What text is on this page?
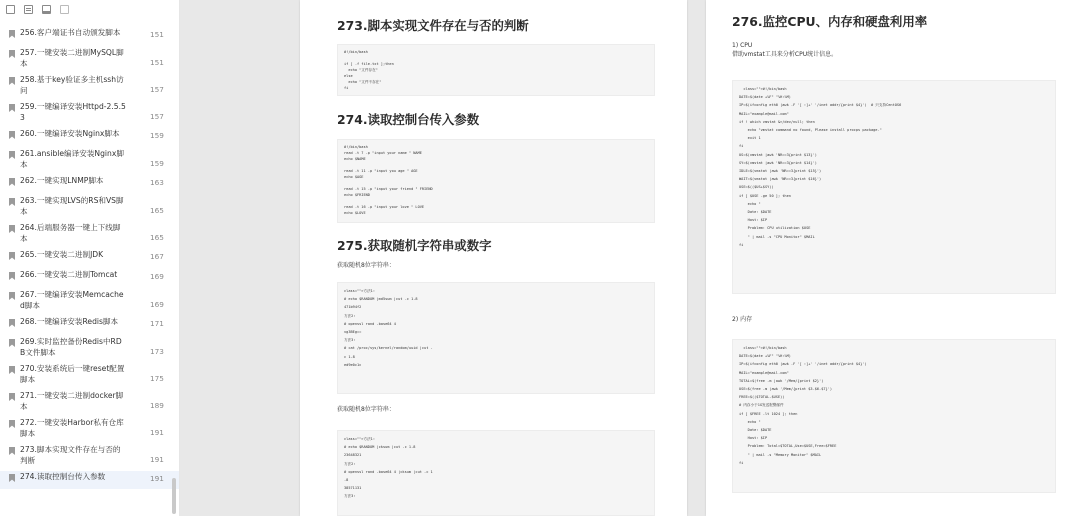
256.客户端证书自动颁发脚本	151
257.一键安装二进制MySQL脚
本	151
258.基于key验证多主机ssh访
问	157
259.一键编译安装Httpd-2.5.5
3	157
260.一键编译安装Nginx脚本	159
261.ansible编译安装Nginx脚
本	159
262.一键实现LNMP脚本	163
263.一键实现LVS的RS和VS脚
本	165
264.后端服务器一键上下线脚
本	165
265.一键安装二进制JDK	167
266.一键安装二进制Tomcat	169
267.一键编译安装Memcache
d脚本	169
268.一键编译安装Redis脚本	171
269.实时监控备份Redis中RD
B文件脚本	173
270.安装系统后一键reset配置
脚本	175
271.一键安装二进制docker脚
本	189
272.一键安装Harbor私有仓库
脚本	191
273.脚本实现文件存在与否的
判断	191
274.读取控制台传入参数	191
273.脚本实现文件存在与否的判断
#!/bin/bash

if [ -f file.txt ];then
echo "文件存在"
else
echo "文件不存在"
fi
274.读取控制台传入参数
#!/bin/bash
read -t 7 -p "input your name " NAME
echo $NAME

read -t 11 -p "input you age " AGE
echo $AGE

read -t 15 -p "input your friend " FRIEND
echo $FRIEND

read -t 16 -p "input your love " LOVE
echo $LOVE
275.获取随机字符串或数字
获取随机8位字符串：
class="">方法1:
# echo $RANDOM |md5sum |cut -c 1-8
471b94f2
方法2:
# openssl rand -base64 4
vg3BEg==
方法3:
# cat /proc/sys/kernel/random/uuid |cut -
c 1-8
ed9e0c1c
获取随机8位字符串：
class="">方法1:
# echo $RANDOM |cksum |cut -c 1-8
23648321
方法2:
# openssl rand -base64 4 |cksum |cut -c 1
-8
38571131
方法3:
276.监控CPU、内存和硬盘利用率
1) CPU
借助vmstat工具来分析CPU统计信息。
class="">#!/bin/bash
DATE=$(date +%F" "%H:%M)
IP=$(ifconfig eth0 |awk -F '[ :]+' '/inet addr/{print $4}')  # 只支持CentOS6
MAIL="example@mail.com"
if ! which vmstat &>/dev/null; then
echo "vmstat command no found, Please install procps package."
exit 1
fi
US=$(vmstat |awk 'NR==3{print $13}')
SY=$(vmstat |awk 'NR==3{print $14}')
IDLE=$(vmstat |awk 'NR==3{print $15}')
WAIT=$(vmstat |awk 'NR==3{print $16}')
USE=$(($US+$SY))
if [ $USE -ge 50 ]; then
echo "
Date: $DATE
Host: $IP
Problem: CPU utilization $USE
" | mail -s "CPU Monitor" $MAIL
fi
2) 内存
class="">#!/bin/bash
DATE=$(date +%F" "%H:%M)
IP=$(ifconfig eth0 |awk -F '[ :]+' '/inet addr/{print $4}')
MAIL="example@mail.com"
TOTAL=$(free -m |awk '/Mem/{print $2}')
USE=$(free -m |awk '/Mem/{print $3-$6-$7}')
FREE=$(($TOTAL-$USE))
# 内存小于1G发送报警邮件
if [ $FREE -lt 1024 ]; then
echo "
Date: $DATE
Host: $IP
Problem: Total=$TOTAL,Use=$USE,Free=$FREE
" | mail -s "Memory Monitor" $MAIL
fi
